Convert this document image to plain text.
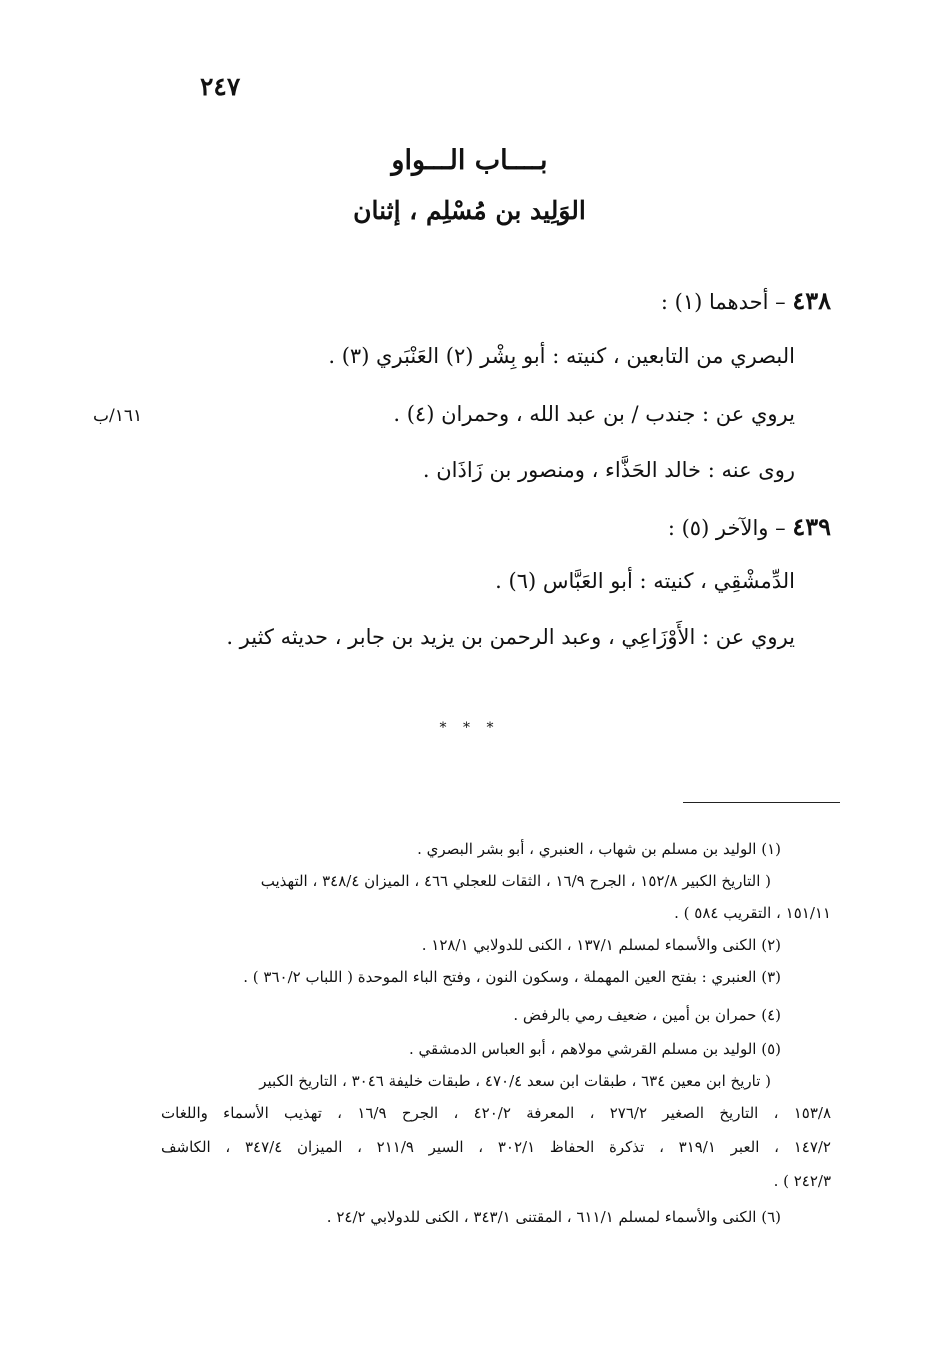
٢٤٧
بــــاب الـــواو
الوَلِيد بن مُسْلِم ، إثنان
٤٣٨ – أحدهما (١) :
البصري من التابعين ، كنيته : أبو بِشْر (٢) العَنْبَري (٣) .
يروي عن : جندب / بن عبد الله ، وحمران (٤) .
١٦١/ب
روى عنه : خالد الحَذَّاء ، ومنصور بن زَاذَان .
٤٣٩ – والآخر (٥) :
الدِّمشْقِي ، كنيته : أبو العَبَّاس (٦) .
يروي عن : الأَوْزَاعِي ، وعبد الرحمن بن يزيد بن جابر ، حديثه كثير .
* * *
(١) الوليد بن مسلم بن شهاب ، العنبري ، أبو بشر البصري .
( التاريخ الكبير ١٥٢/٨ ، الجرح ١٦/٩ ، الثقات للعجلي ٤٦٦ ، الميزان ٣٤٨/٤ ، التهذيب
١٥١/١١ ، التقريب ٥٨٤ ) .
(٢) الكنى والأسماء لمسلم ١٣٧/١ ، الكنى للدولابي ١٢٨/١ .
(٣) العنبري : بفتح العين المهملة ، وسكون النون ، وفتح الباء الموحدة ( اللباب ٣٦٠/٢ ) .
(٤) حمران بن أمين ، ضعيف رمي بالرفض .
(٥) الوليد بن مسلم القرشي مولاهم ، أبو العباس الدمشقي .
( تاريخ ابن معين ٦٣٤ ، طبقات ابن سعد ٤٧٠/٤ ، طبقات خليفة ٣٠٤٦ ، التاريخ الكبير
١٥٣/٨ ، التاريخ الصغير ٢٧٦/٢ ، المعرفة ٤٢٠/٢ ، الجرح ١٦/٩ ، تهذيب الأسماء واللغات
١٤٧/٢ ، العبر ٣١٩/١ ، تذكرة الحفاظ ٣٠٢/١ ، السير ٢١١/٩ ، الميزان ٣٤٧/٤ ، الكاشف
٢٤٢/٣ ) .
(٦) الكنى والأسماء لمسلم ٦١١/١ ، المقتنى ٣٤٣/١ ، الكنى للدولابي ٢٤/٢ .
